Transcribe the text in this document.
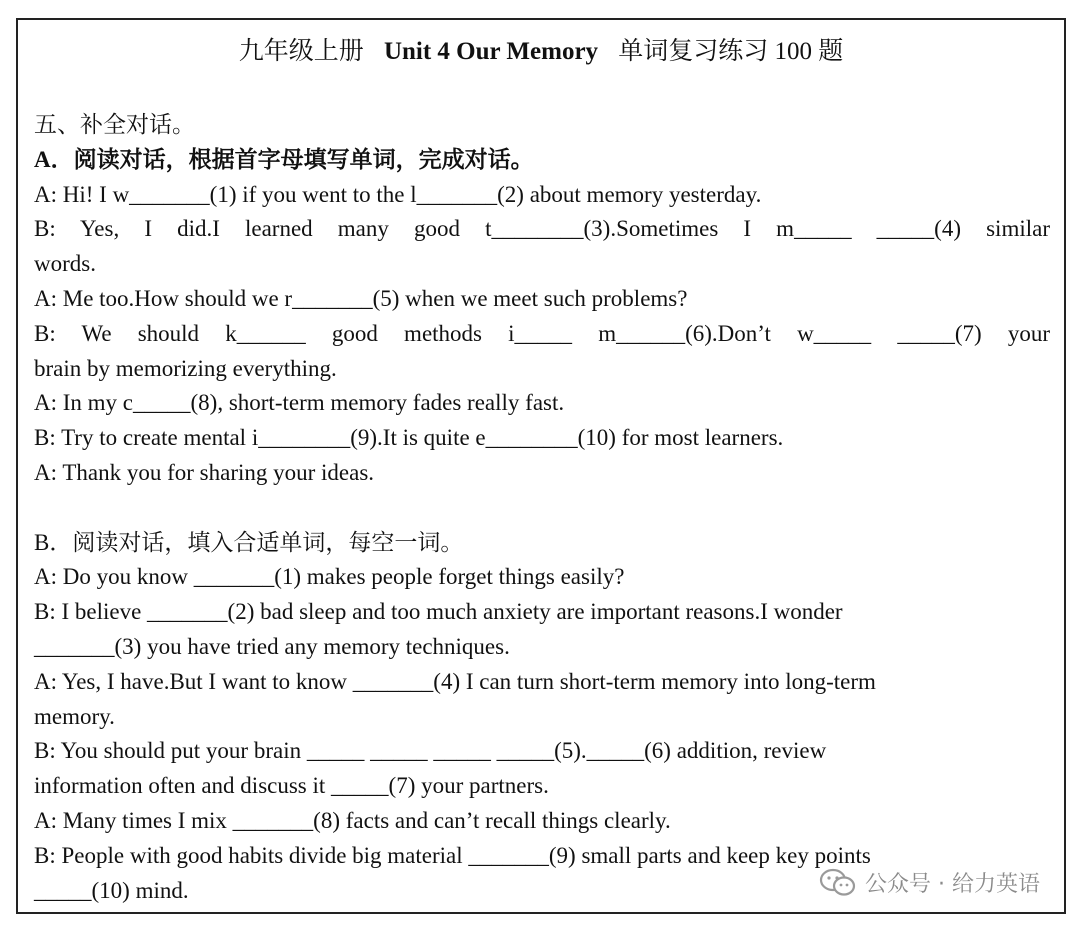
九年级上册 Unit 4 Our Memory 单词复习练习 100 题
五、补全对话。
A．阅读对话，根据首字母填写单词，完成对话。
A: Hi! I w_______(1) if you went to the l_______(2) about memory yesterday.
B: Yes, I did.I learned many good t________(3).Sometimes I m_____ _____(4) similar
words.
A: Me too.How should we r_______(5) when we meet such problems?
B: We should k______ good methods i_____ m______(6).Don’t w_____ _____(7) your
brain by memorizing everything.
A: In my c_____(8), short‑term memory fades really fast.
B: Try to create mental i________(9).It is quite e________(10) for most learners.
A: Thank you for sharing your ideas.
B．阅读对话，填入合适单词，每空一词。
A: Do you know _______(1) makes people forget things easily?
B: I believe _______(2) bad sleep and too much anxiety are important reasons.I wonder
_______(3) you have tried any memory techniques.
A: Yes, I have.But I want to know _______(4) I can turn short‑term memory into long‑term
memory.
B: You should put your brain _____ _____ _____ _____(5)._____(6) addition, review
information often and discuss it _____(7) your partners.
A: Many times I mix _______(8) facts and can’t recall things clearly.
B: People with good habits divide big material _______(9) small parts and keep key points
_____(10) mind.	公众号 · 给力英语
